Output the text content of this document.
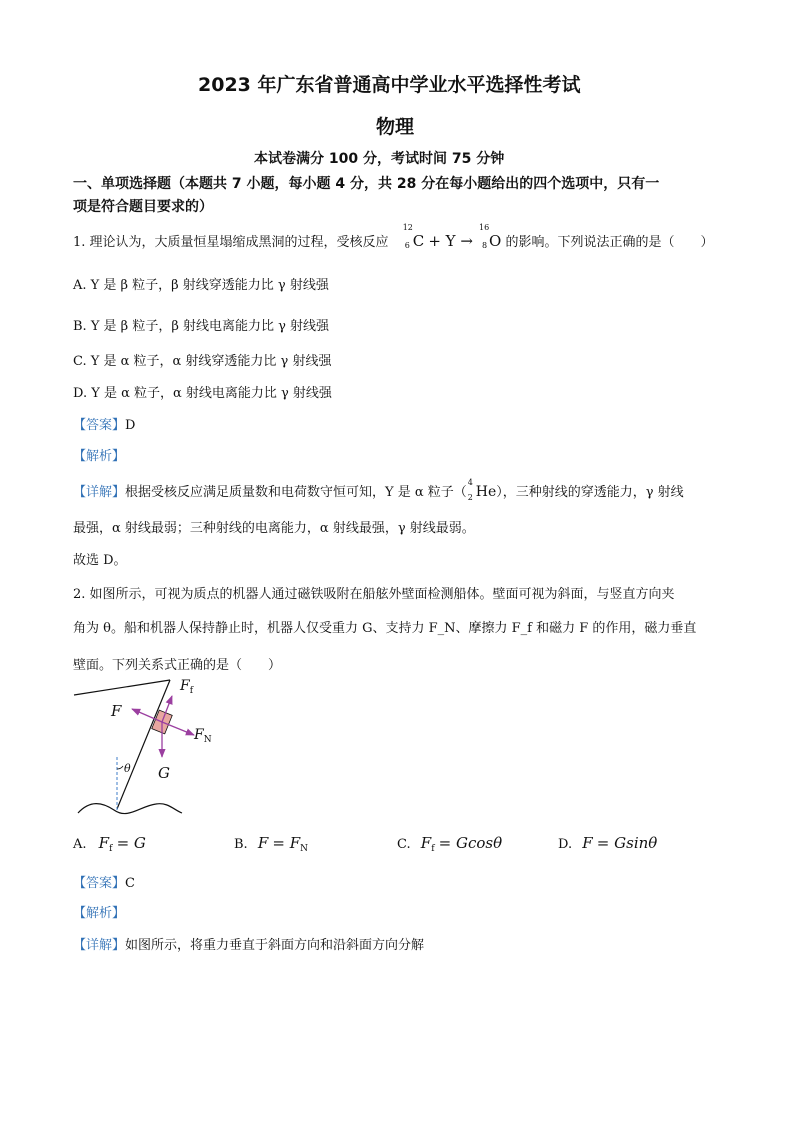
2023 年广东省普通高中学业水平选择性考试
物理
本试卷满分 100 分，考试时间 75 分钟
一、单项选择题（本题共 7 小题，每小题 4 分，共 28 分在每小题给出的四个选项中，只有一
项是符合题目要求的）
1. 理论认为，大质量恒星塌缩成黑洞的过程，受核反应
12
6 C + Y →
16
8 O 的影响。下列说法正确的是（　　）
A. Y 是 β 粒子，β 射线穿透能力比 γ 射线强
B. Y 是 β 粒子，β 射线电离能力比 γ 射线强
C. Y 是 α 粒子，α 射线穿透能力比 γ 射线强
D. Y 是 α 粒子，α 射线电离能力比 γ 射线强
【答案】D
【解析】
【详解】根据受核反应满足质量数和电荷数守恒可知，Y 是 α 粒子（
4
2 He），三种射线的穿透能力，γ 射线
最强，α 射线最弱；三种射线的电离能力，α 射线最强，γ 射线最弱。
故选 D。
2. 如图所示，可视为质点的机器人通过磁铁吸附在船舷外壁面检测船体。壁面可视为斜面，与竖直方向夹
角为 θ。船和机器人保持静止时，机器人仅受重力 G、支持力 F_N、摩擦力 F_f 和磁力 F 的作用，磁力垂直
壁面。下列关系式正确的是（　　）
$F_f$
F
$F_N$
G
θ
A. $F_f = G$	B. $F = F_N$	C. $F_f = Gcos\theta$	D. F = Gsinθ
【答案】C
【解析】
【详解】如图所示，将重力垂直于斜面方向和沿斜面方向分解
